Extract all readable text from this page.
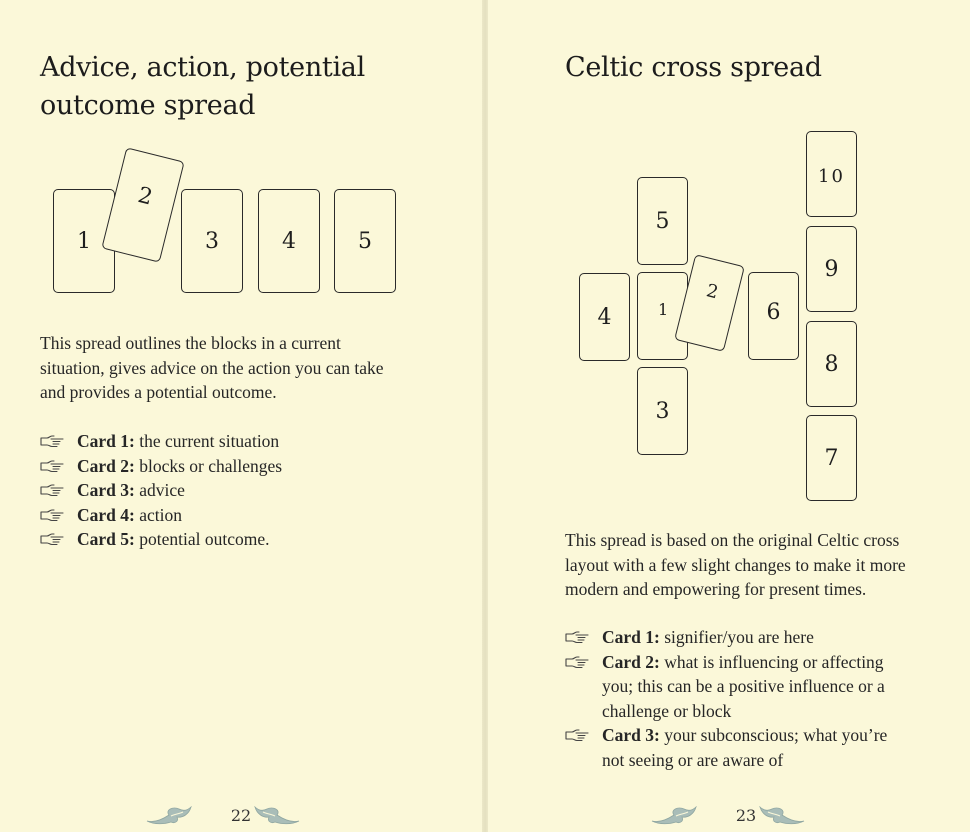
Advice, action, potential outcome spread
1
2
3	4	5

This spread outlines the blocks in a current situation, gives advice on the action you can take and provides a potential outcome.

Card 1: the current situation
Card 2: blocks or challenges
Card 3: advice
Card 4: action
Card 5: potential outcome.
22
Celtic cross spread
5
4	1
2
6
3
10
9
8
7

This spread is based on the original Celtic cross layout with a few slight changes to make it more modern and empowering for present times.

Card 1: signifier/you are here
Card 2: what is influencing or affecting you; this can be a positive influence or a challenge or block
Card 3: your subconscious; what you’re not seeing or are aware of
23
